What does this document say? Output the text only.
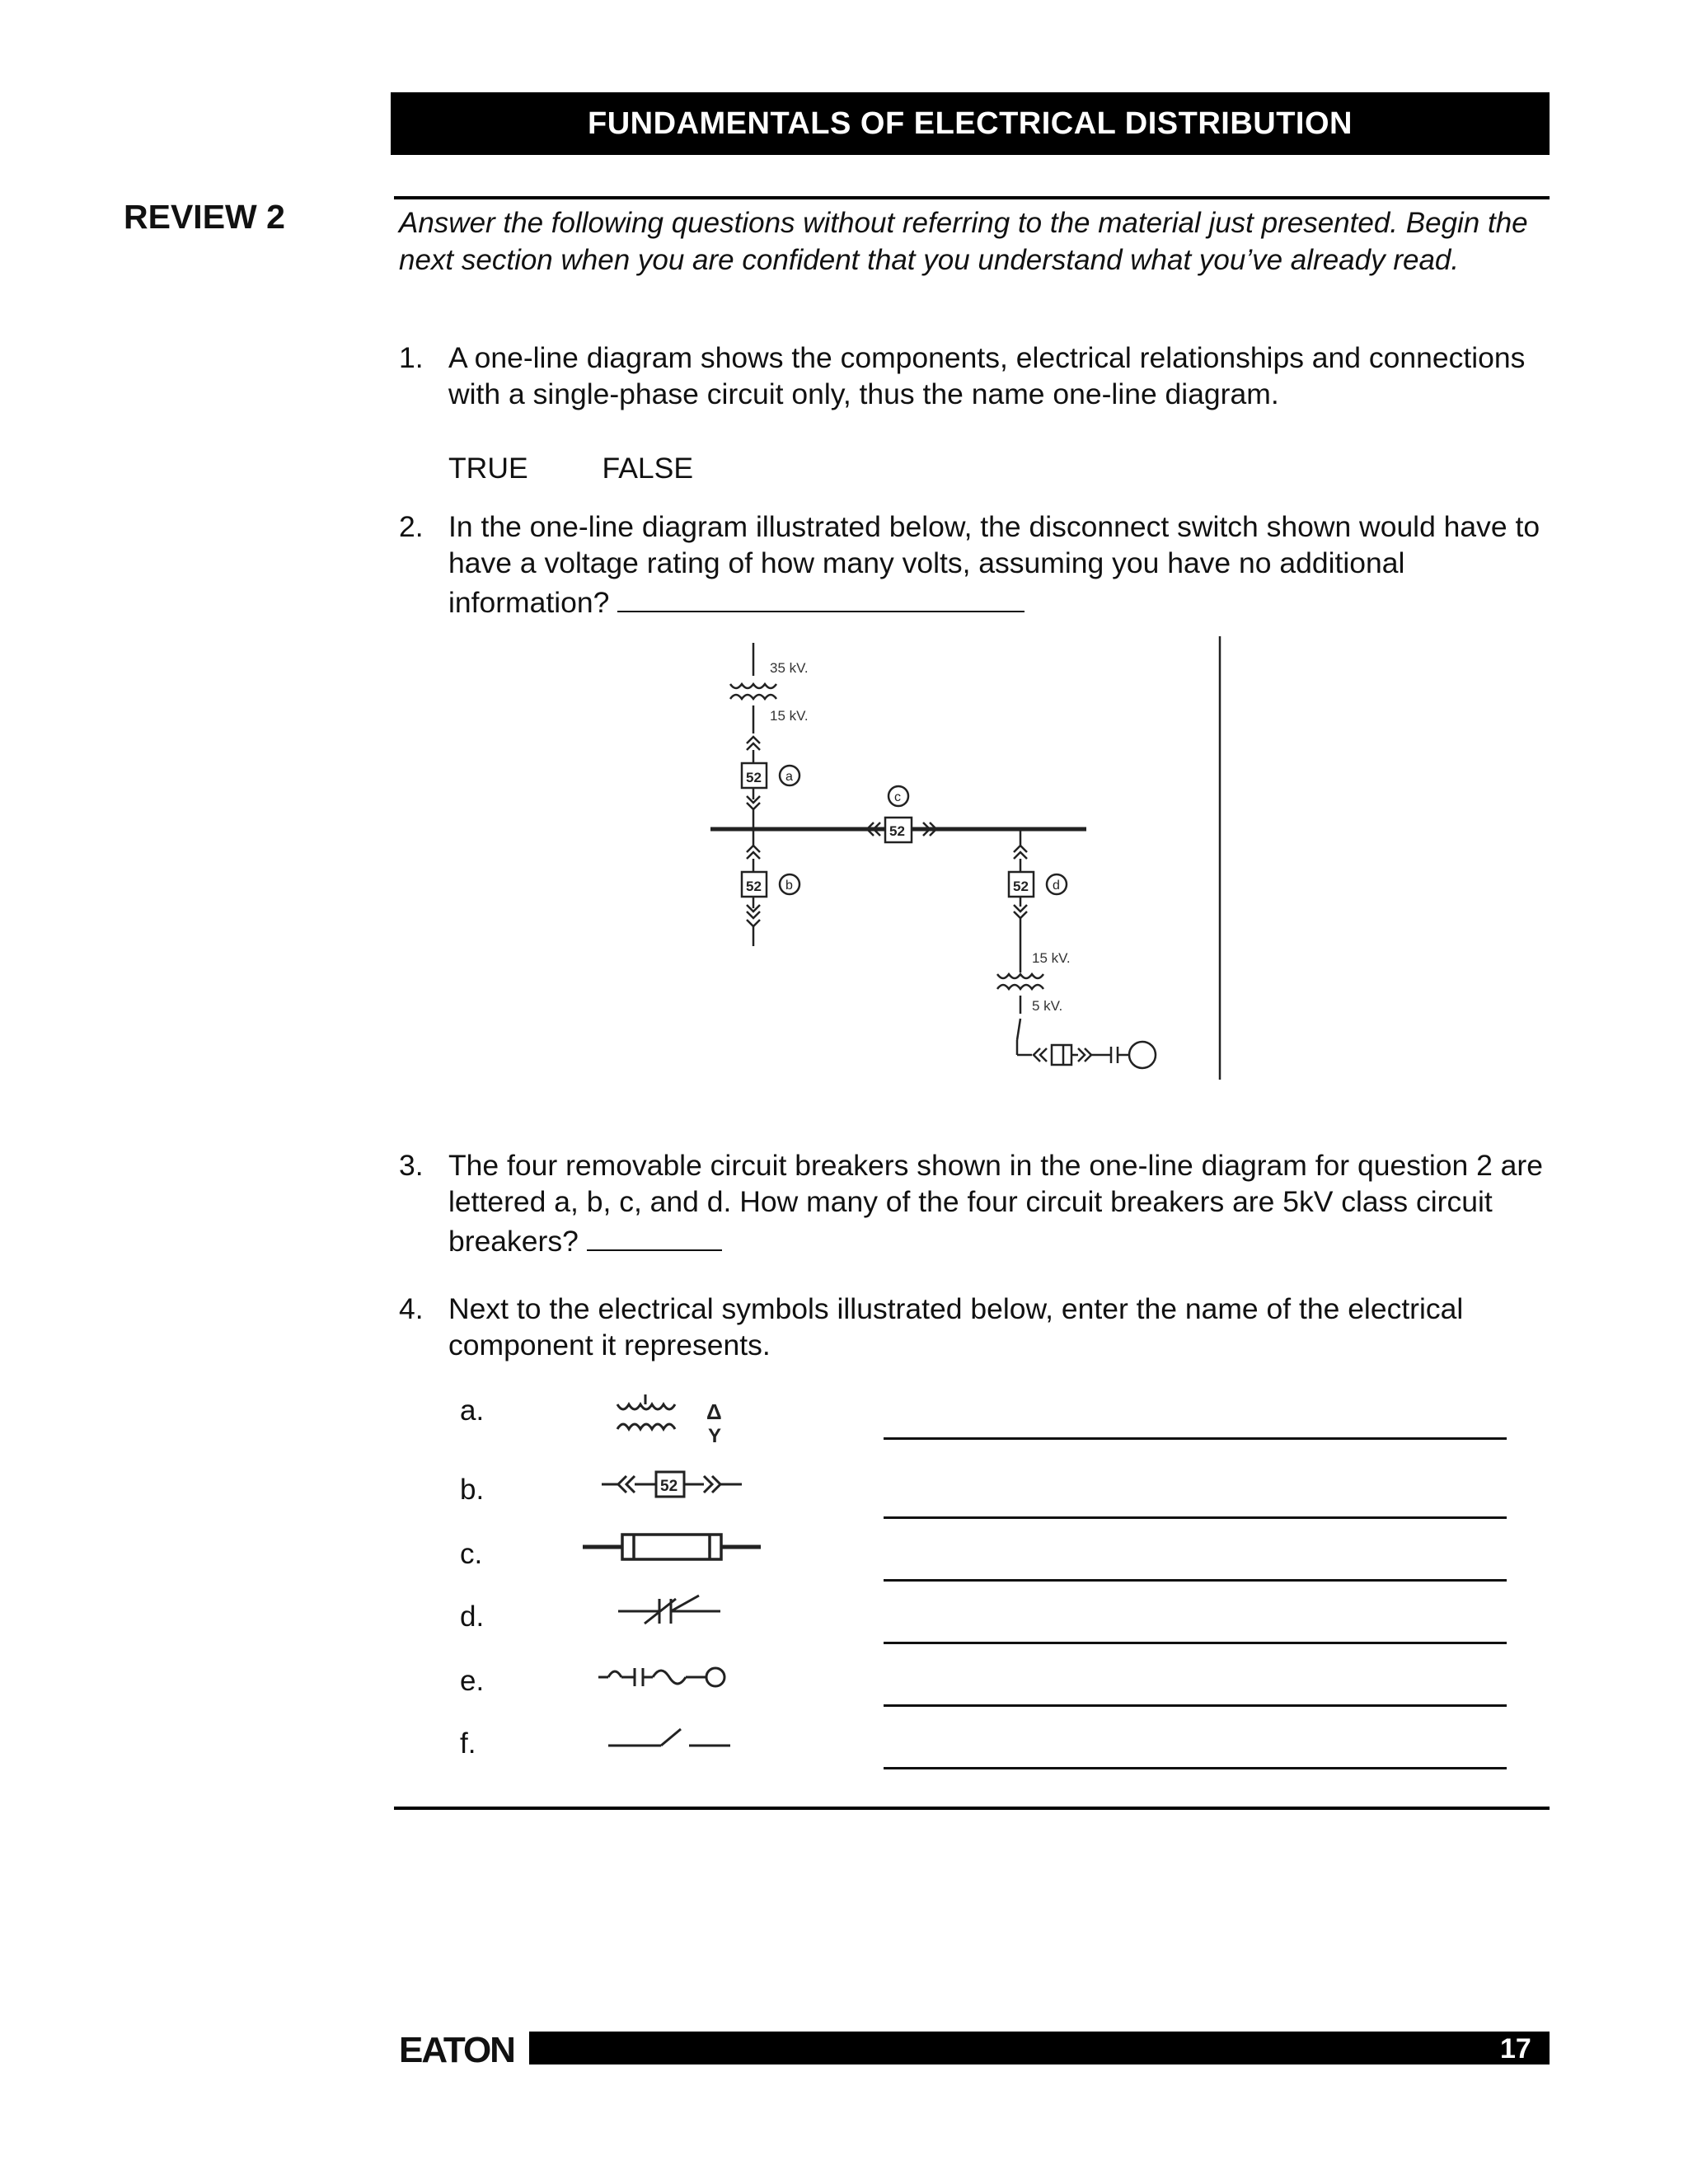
FUNDAMENTALS OF ELECTRICAL DISTRIBUTION
REVIEW 2	Answer the following questions without referring to the material just presented. Begin the next section when you are confident that you understand what you’ve already read.
1. A one-line diagram shows the components, electrical relationships and connections with a single-phase circuit only, thus the name one-line diagram.
TRUE	FALSE
2. In the one-line diagram illustrated below, the disconnect switch shown would have to have a voltage rating of how many volts, assuming you have no additional information?
35 kV.
15 kV.
52 a
52
c
52 b	52 d
15 kV.
5 kV.
3. The four removable circuit breakers shown in the one-line diagram for question 2 are lettered a, b, c, and d. How many of the four circuit breakers are 5kV class circuit breakers?
4. Next to the electrical symbols illustrated below, enter the name of the electrical component it represents.
a.
b.
c.
d.
e.
f.
Δ
Y
52
EATON	17
